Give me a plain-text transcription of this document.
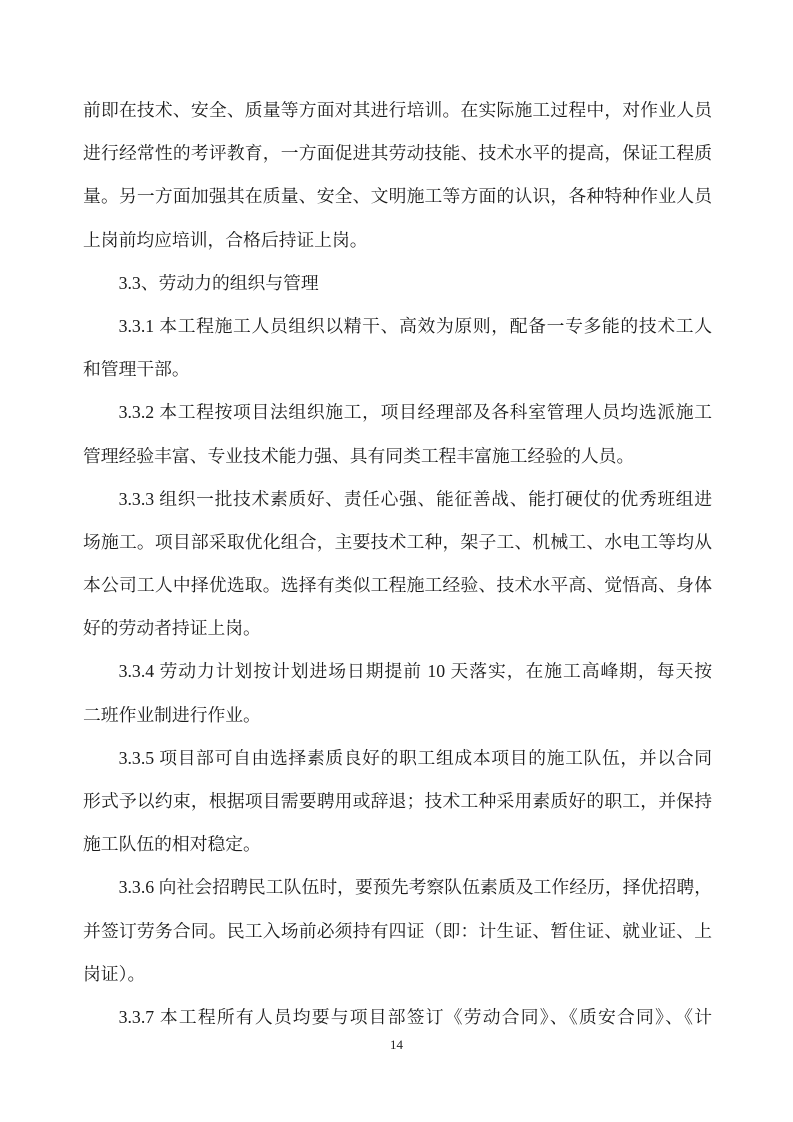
前即在技术、安全、质量等方面对其进行培训。在实际施工过程中，对作业人员
进行经常性的考评教育，一方面促进其劳动技能、技术水平的提高，保证工程质
量。另一方面加强其在质量、安全、文明施工等方面的认识，各种特种作业人员
上岗前均应培训，合格后持证上岗。
3.3、劳动力的组织与管理
3.3.1 本工程施工人员组织以精干、高效为原则，配备一专多能的技术工人
和管理干部。
3.3.2 本工程按项目法组织施工，项目经理部及各科室管理人员均选派施工
管理经验丰富、专业技术能力强、具有同类工程丰富施工经验的人员。
3.3.3 组织一批技术素质好、责任心强、能征善战、能打硬仗的优秀班组进
场施工。项目部采取优化组合，主要技术工种，架子工、机械工、水电工等均从
本公司工人中择优选取。选择有类似工程施工经验、技术水平高、觉悟高、身体
好的劳动者持证上岗。
3.3.4 劳动力计划按计划进场日期提前 10 天落实，在施工高峰期，每天按
二班作业制进行作业。
3.3.5 项目部可自由选择素质良好的职工组成本项目的施工队伍，并以合同
形式予以约束，根据项目需要聘用或辞退；技术工种采用素质好的职工，并保持
施工队伍的相对稳定。
3.3.6 向社会招聘民工队伍时，要预先考察队伍素质及工作经历，择优招聘，
并签订劳务合同。民工入场前必须持有四证（即：计生证、暂住证、就业证、上
岗证）。
3.3.7 本工程所有人员均要与项目部签订《劳动合同》、《质安合同》、《计
14
